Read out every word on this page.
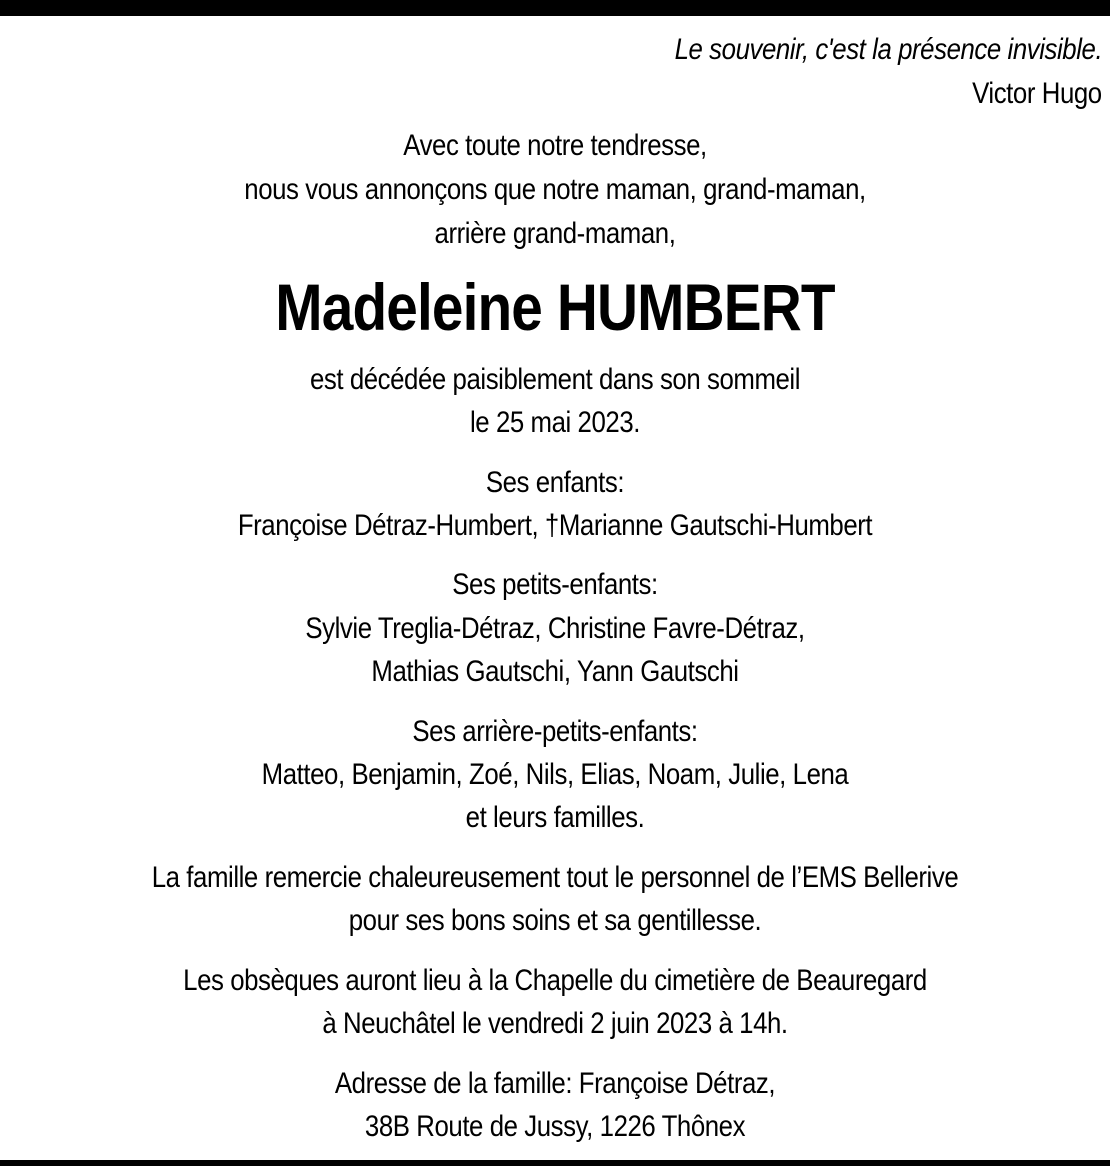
Le souvenir, c'est la présence invisible.
Victor Hugo
Avec toute notre tendresse,
nous vous annonçons que notre maman, grand-maman,
arrière grand-maman,
Madeleine HUMBERT
est décédée paisiblement dans son sommeil
le 25 mai 2023.
Ses enfants:
Françoise Détraz-Humbert, †Marianne Gautschi-Humbert
Ses petits-enfants:
Sylvie Treglia-Détraz, Christine Favre-Détraz,
Mathias Gautschi, Yann Gautschi
Ses arrière-petits-enfants:
Matteo, Benjamin, Zoé, Nils, Elias, Noam, Julie, Lena
et leurs familles.
La famille remercie chaleureusement tout le personnel de l’EMS Bellerive
pour ses bons soins et sa gentillesse.
Les obsèques auront lieu à la Chapelle du cimetière de Beauregard
à Neuchâtel le vendredi 2 juin 2023 à 14h.
Adresse de la famille: Françoise Détraz,
38B Route de Jussy, 1226 Thônex
